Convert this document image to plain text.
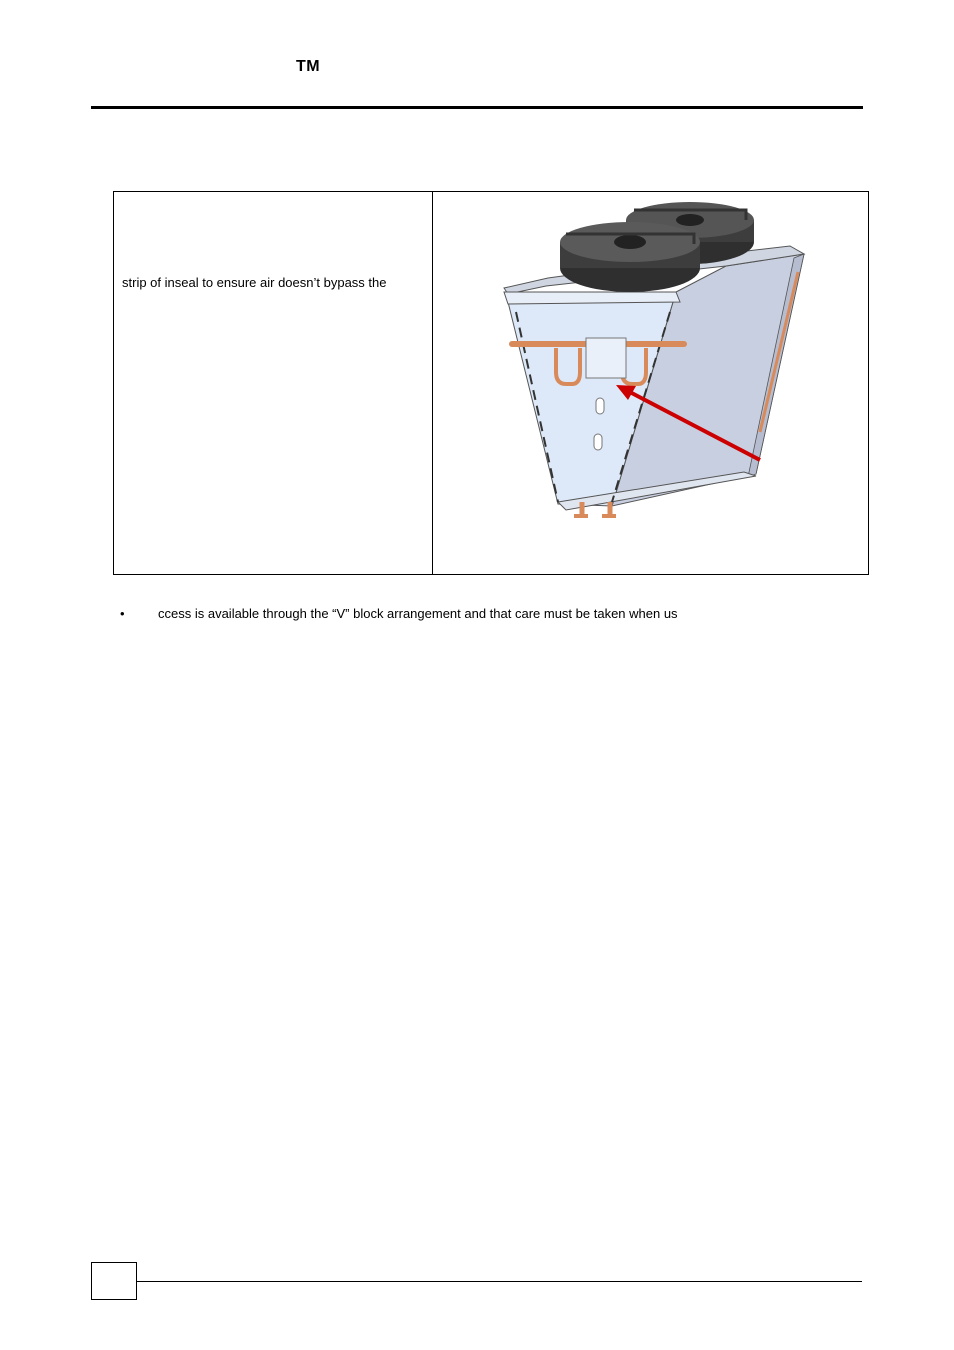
TM
strip of inseal to ensure air doesn’t bypass the
•	ccess is available through the “V” block arrangement and that care must be taken when us
